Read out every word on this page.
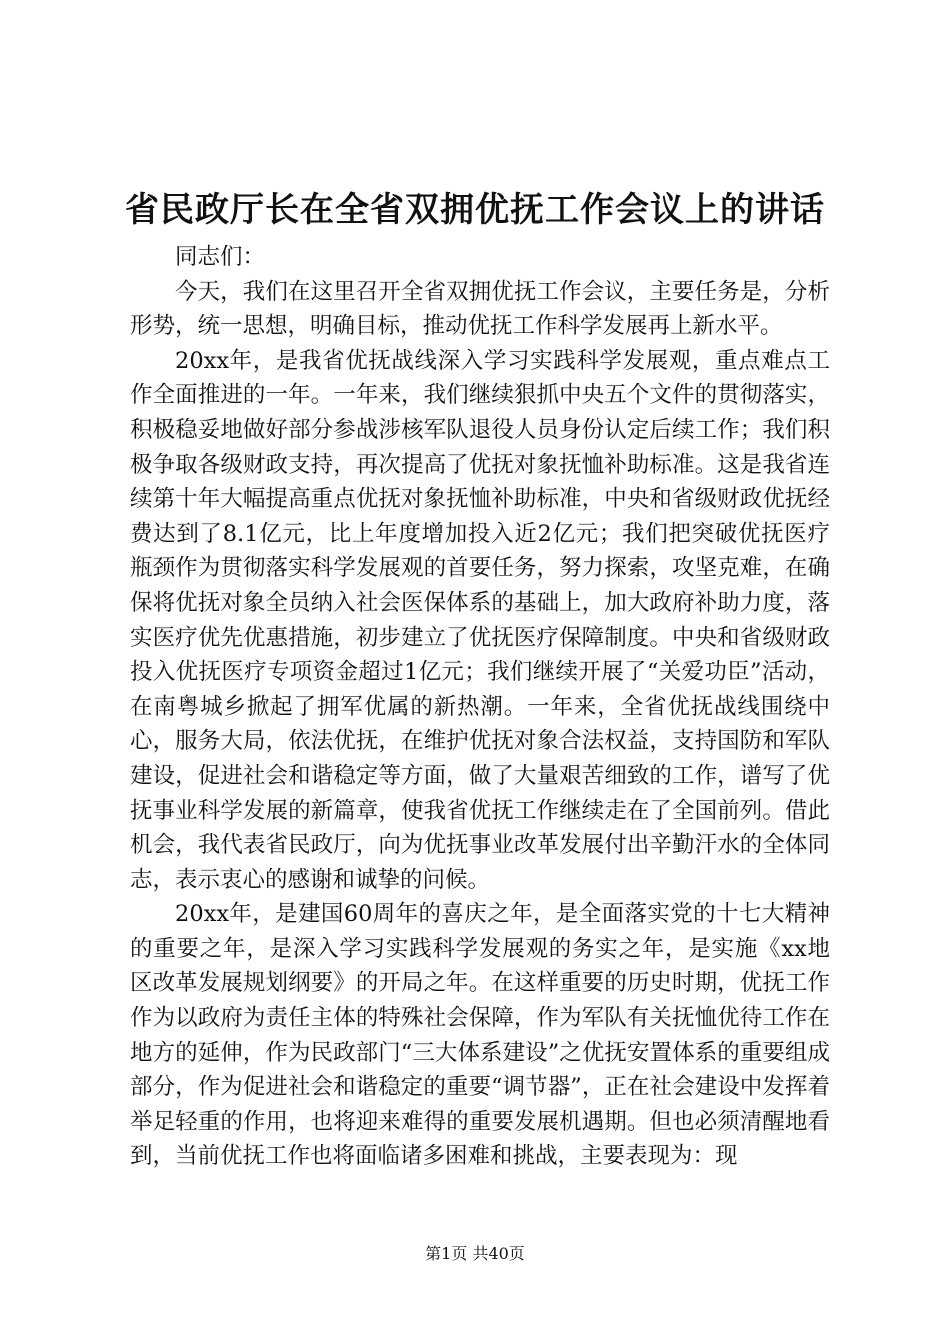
省民政厅长在全省双拥优抚工作会议上的讲话

同志们：

今天，我们在这里召开全省双拥优抚工作会议，主要任务是，分析形势，统一思想，明确目标，推动优抚工作科学发展再上新水平。

20xx年，是我省优抚战线深入学习实践科学发展观，重点难点工作全面推进的一年。一年来，我们继续狠抓中央五个文件的贯彻落实，积极稳妥地做好部分参战涉核军队退役人员身份认定后续工作；我们积极争取各级财政支持，再次提高了优抚对象抚恤补助标准。这是我省连续第十年大幅提高重点优抚对象抚恤补助标准，中央和省级财政优抚经费达到了8.1亿元，比上年度增加投入近2亿元；我们把突破优抚医疗瓶颈作为贯彻落实科学发展观的首要任务，努力探索，攻坚克难，在确保将优抚对象全员纳入社会医保体系的基础上，加大政府补助力度，落实医疗优先优惠措施，初步建立了优抚医疗保障制度。中央和省级财政投入优抚医疗专项资金超过1亿元；我们继续开展了“关爱功臣”活动，在南粤城乡掀起了拥军优属的新热潮。一年来，全省优抚战线围绕中心，服务大局，依法优抚，在维护优抚对象合法权益，支持国防和军队建设，促进社会和谐稳定等方面，做了大量艰苦细致的工作，谱写了优抚事业科学发展的新篇章，使我省优抚工作继续走在了全国前列。借此机会，我代表省民政厅，向为优抚事业改革发展付出辛勤汗水的全体同志，表示衷心的感谢和诚挚的问候。

20xx年，是建国60周年的喜庆之年，是全面落实党的十七大精神的重要之年，是深入学习实践科学发展观的务实之年，是实施《xx地区改革发展规划纲要》的开局之年。在这样重要的历史时期，优抚工作作为以政府为责任主体的特殊社会保障，作为军队有关抚恤优待工作在地方的延伸，作为民政部门“三大体系建设”之优抚安置体系的重要组成部分，作为促进社会和谐稳定的重要“调节器”，正在社会建设中发挥着举足轻重的作用，也将迎来难得的重要发展机遇期。但也必须清醒地看到，当前优抚工作也将面临诸多困难和挑战，主要表现为：现

第1页 共40页
